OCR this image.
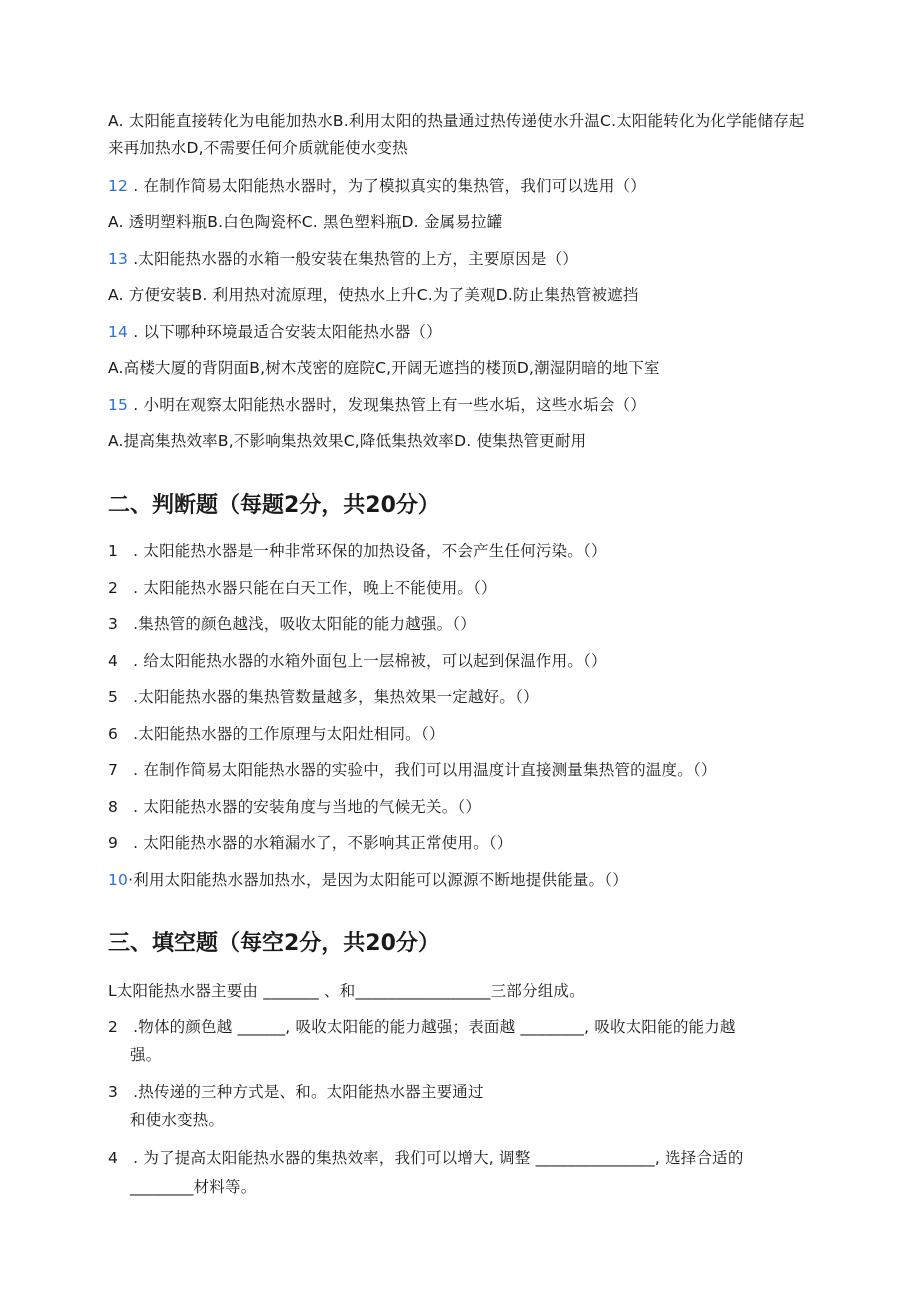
A. 太阳能直接转化为电能加热水B.利用太阳的热量通过热传递使水升温C.太阳能转化为化学能储存起来再加热水D,不需要任何介质就能使水变热
12 . 在制作简易太阳能热水器时，为了模拟真实的集热管，我们可以选用（）
A. 透明塑料瓶B.白色陶瓷杯C. 黑色塑料瓶D. 金属易拉罐
13 .太阳能热水器的水箱一般安装在集热管的上方，主要原因是（）
A. 方便安装B. 利用热对流原理，使热水上升C.为了美观D.防止集热管被遮挡
14 . 以下哪种环境最适合安装太阳能热水器（）
A.高楼大厦的背阴面B,树木茂密的庭院C,开阔无遮挡的楼顶D,潮湿阴暗的地下室
15 . 小明在观察太阳能热水器时，发现集热管上有一些水垢，这些水垢会（）
A.提高集热效率B,不影响集热效果C,降低集热效率D. 使集热管更耐用
二、判断题（每题2分，共20分）
1 . 太阳能热水器是一种非常环保的加热设备，不会产生任何污染。（）
2 . 太阳能热水器只能在白天工作，晚上不能使用。（）
3 .集热管的颜色越浅，吸收太阳能的能力越强。（）
4 . 给太阳能热水器的水箱外面包上一层棉被，可以起到保温作用。（）
5 .太阳能热水器的集热管数量越多，集热效果一定越好。（）
6 .太阳能热水器的工作原理与太阳灶相同。（）
7 . 在制作简易太阳能热水器的实验中，我们可以用温度计直接测量集热管的温度。（）
8 . 太阳能热水器的安装角度与当地的气候无关。（）
9 . 太阳能热水器的水箱漏水了，不影响其正常使用。（）
10·利用太阳能热水器加热水，是因为太阳能可以源源不断地提供能量。（）
三、填空题（每空2分，共20分）
L太阳能热水器主要由 _______ 、和_________________三部分组成。
2 .物体的颜色越 ______, 吸收太阳能的能力越强；表面越 ________, 吸收太阳能的能力越
强。
3 .热传递的三种方式是、和。太阳能热水器主要通过
和使水变热。
4 . 为了提高太阳能热水器的集热效率，我们可以增大, 调整 _______________, 选择合适的
________材料等。
